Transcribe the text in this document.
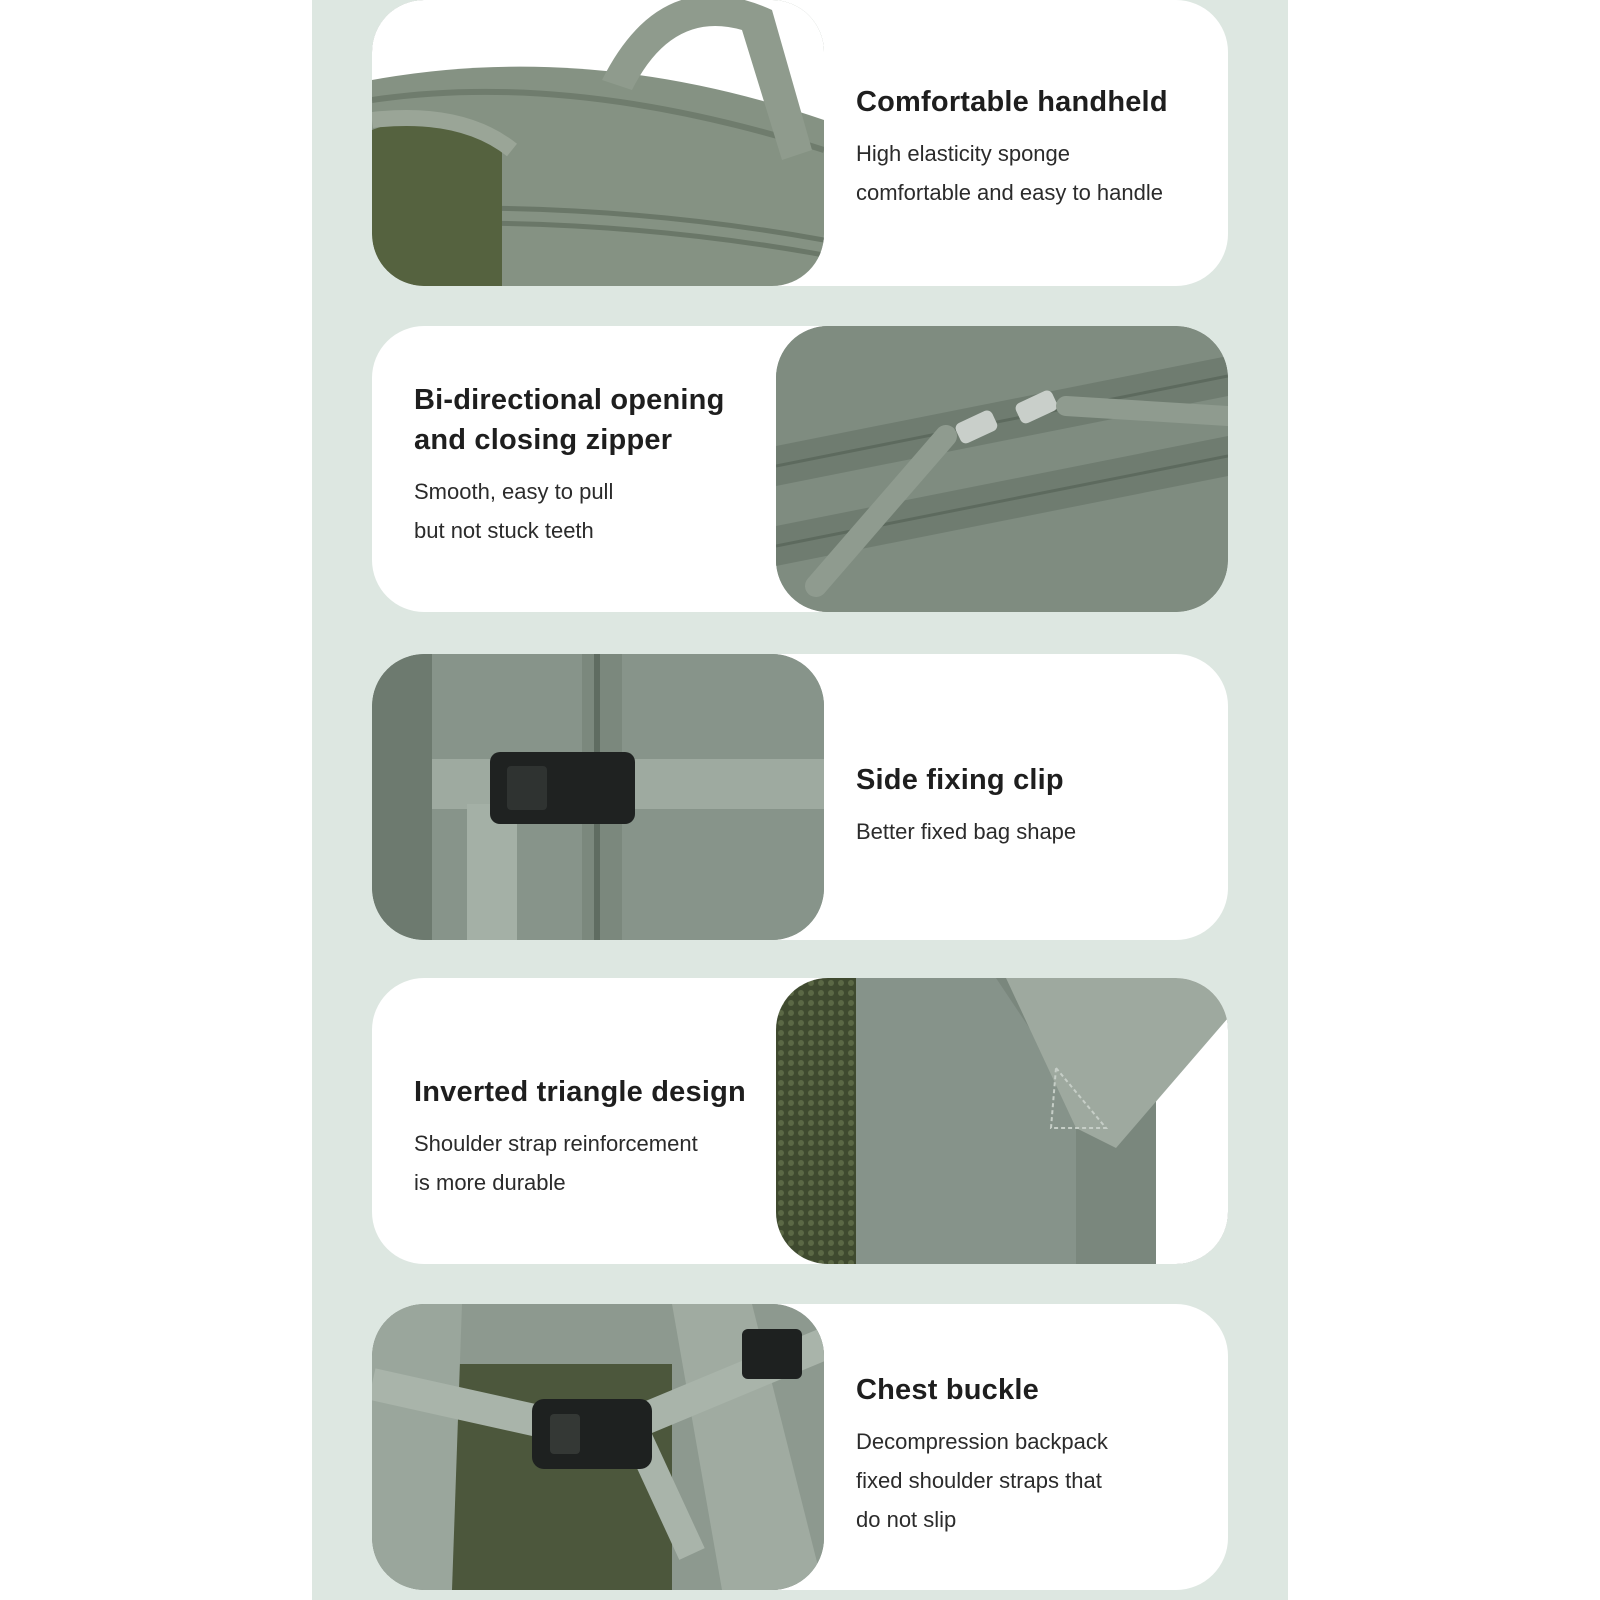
Comfortable handheld

High elasticity sponge
comfortable and easy to handle

Bi-directional opening
and closing zipper

Smooth, easy to pull
but not stuck teeth

Side fixing clip

Better fixed bag shape

Inverted triangle design

Shoulder strap reinforcement
is more durable

Chest buckle

Decompression backpack
fixed shoulder straps that
do not slip
